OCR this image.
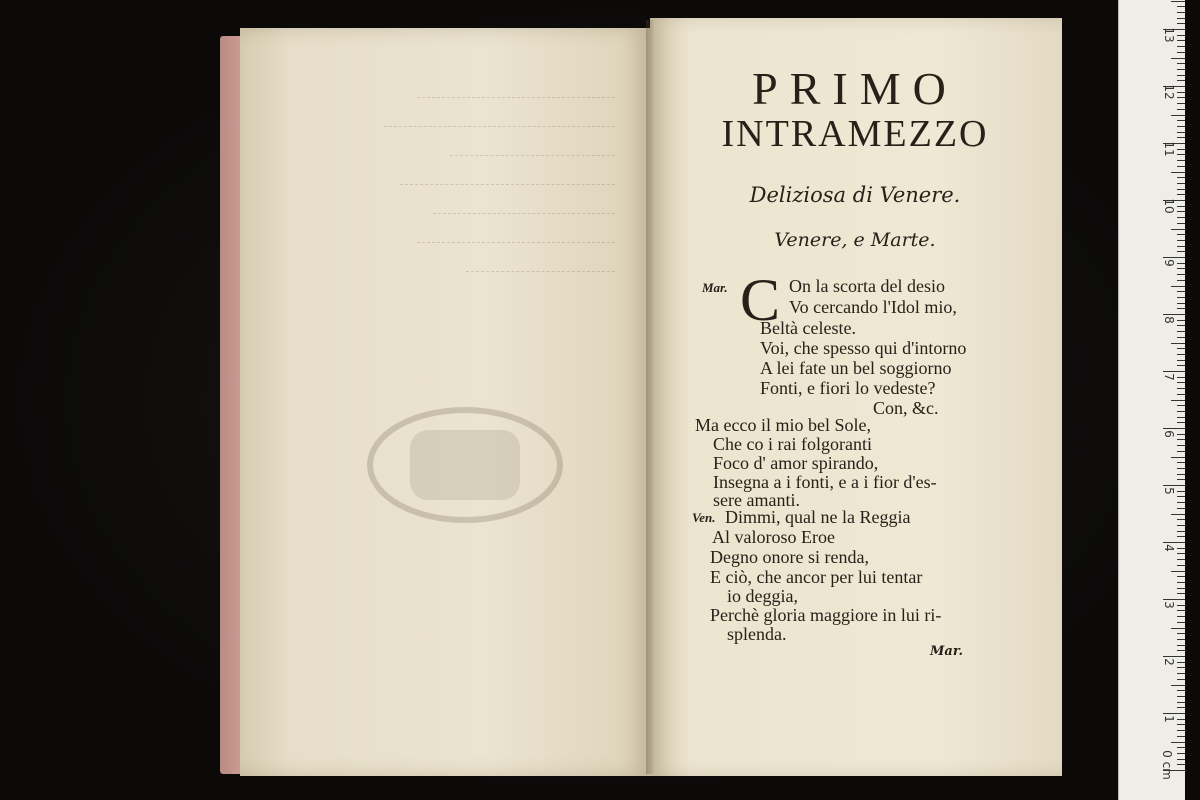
PRIMO
INTRAMEZZO
Deliziosa di Venere.
Venere, e Marte.
Mar. C On la scorta del desio
Vo cercando l'Idol mio,
Beltà celeste.
Voi, che spesso qui d'intorno
A lei fate un bel soggiorno
Fonti, e fiori lo vedeste?
Con, &c.
Ma ecco il mio bel Sole,
Che co i rai folgoranti
Foco d' amor spirando,
Insegna a i fonti, e a i fior d'es-
sere amanti.
Ven. Dimmi, qual ne la Reggia
Al valoroso Eroe
Degno onore si renda,
E ciò, che ancor per lui tentar
io deggia,
Perchè gloria maggiore in lui ri-
splenda.
Mar.
0 cm
1
2
3
4
5
6
7
8
9
10
11
12
13
